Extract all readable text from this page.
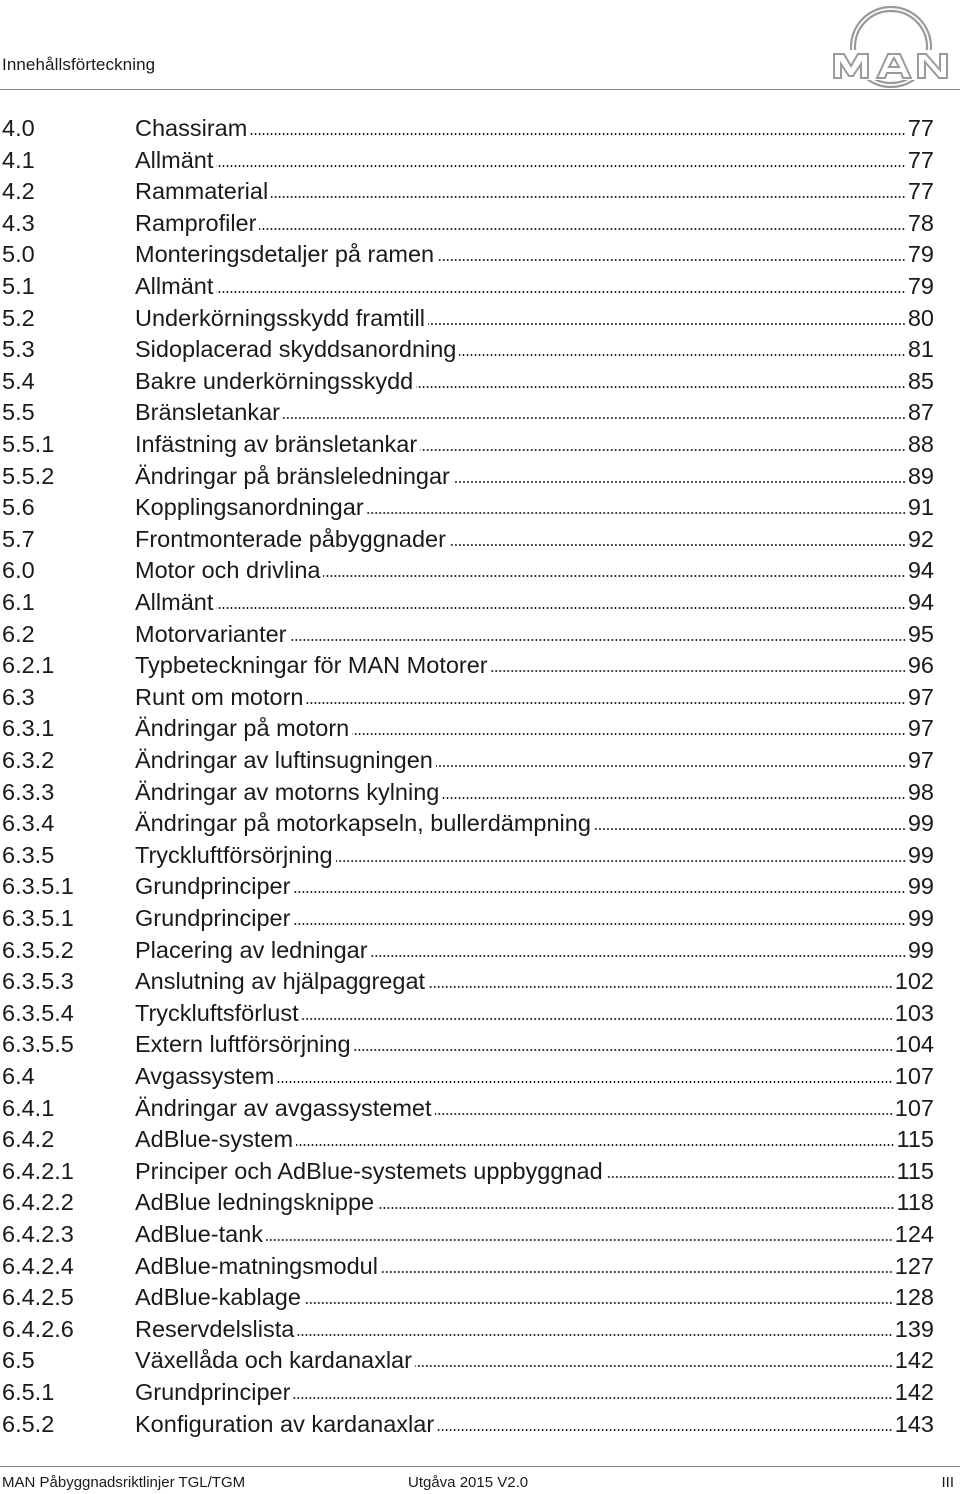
Innehållsförteckning
4.0	Chassiram	77
4.1	Allmänt	77
4.2	Rammaterial	77
4.3	Ramprofiler	78
5.0	Monteringsdetaljer på ramen	79
5.1	Allmänt	79
5.2	Underkörningsskydd framtill	80
5.3	Sidoplacerad skyddsanordning	81
5.4	Bakre underkörningsskydd	85
5.5	Bränsletankar	87
5.5.1	Infästning av bränsletankar	88
5.5.2	Ändringar på bränsleledningar	89
5.6	Kopplingsanordningar	91
5.7	Frontmonterade påbyggnader	92
6.0	Motor och drivlina	94
6.1	Allmänt	94
6.2	Motorvarianter	95
6.2.1	Typbeteckningar för MAN Motorer	96
6.3	Runt om motorn	97
6.3.1	Ändringar på motorn	97
6.3.2	Ändringar av luftinsugningen	97
6.3.3	Ändringar av motorns kylning	98
6.3.4	Ändringar på motorkapseln, bullerdämpning	99
6.3.5	Tryckluftförsörjning	99
6.3.5.1	Grundprinciper	99
6.3.5.1	Grundprinciper	99
6.3.5.2	Placering av ledningar	99
6.3.5.3	Anslutning av hjälpaggregat	102
6.3.5.4	Tryckluftsförlust	103
6.3.5.5	Extern luftförsörjning	104
6.4	Avgassystem	107
6.4.1	Ändringar av avgassystemet	107
6.4.2	AdBlue-system	115
6.4.2.1	Principer och AdBlue-systemets uppbyggnad	115
6.4.2.2	AdBlue ledningsknippe	118
6.4.2.3	AdBlue-tank	124
6.4.2.4	AdBlue-matningsmodul	127
6.4.2.5	AdBlue-kablage	128
6.4.2.6	Reservdelslista	139
6.5	Växellåda och kardanaxlar	142
6.5.1	Grundprinciper	142
6.5.2	Konfiguration av kardanaxlar	143
MAN Påbyggnadsriktlinjer TGL/TGM	Utgåva 2015 V2.0	III
